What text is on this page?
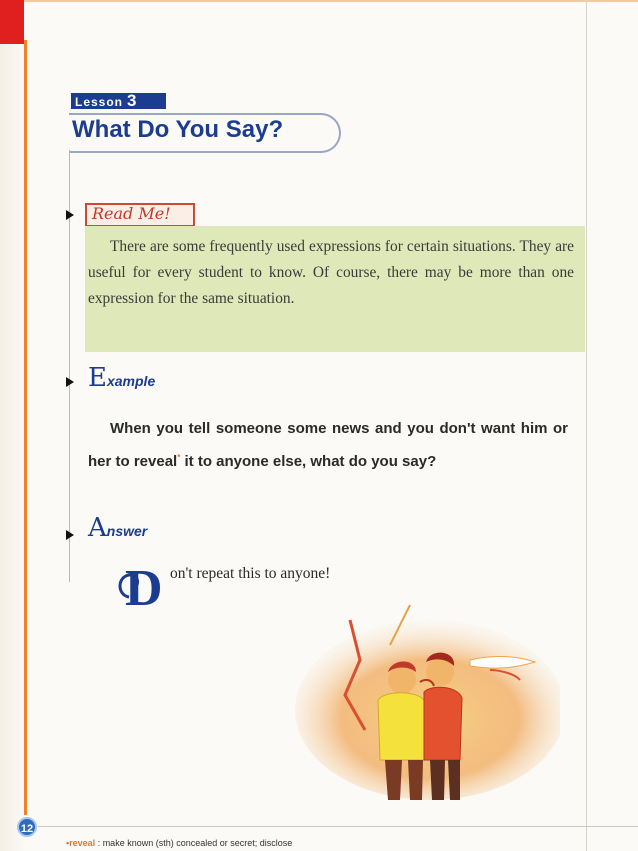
Lesson 3
What Do You Say?
Read Me!

There are some frequently used expressions for certain situations. They are useful for every student to know. Of course, there may be more than one expression for the same situation.

Example

When you tell someone some news and you don't want him or her to reveal* it to anyone else, what do you say?

Answer
D on't repeat this to anyone!
12
•reveal : make known (sth) concealed or secret; disclose
